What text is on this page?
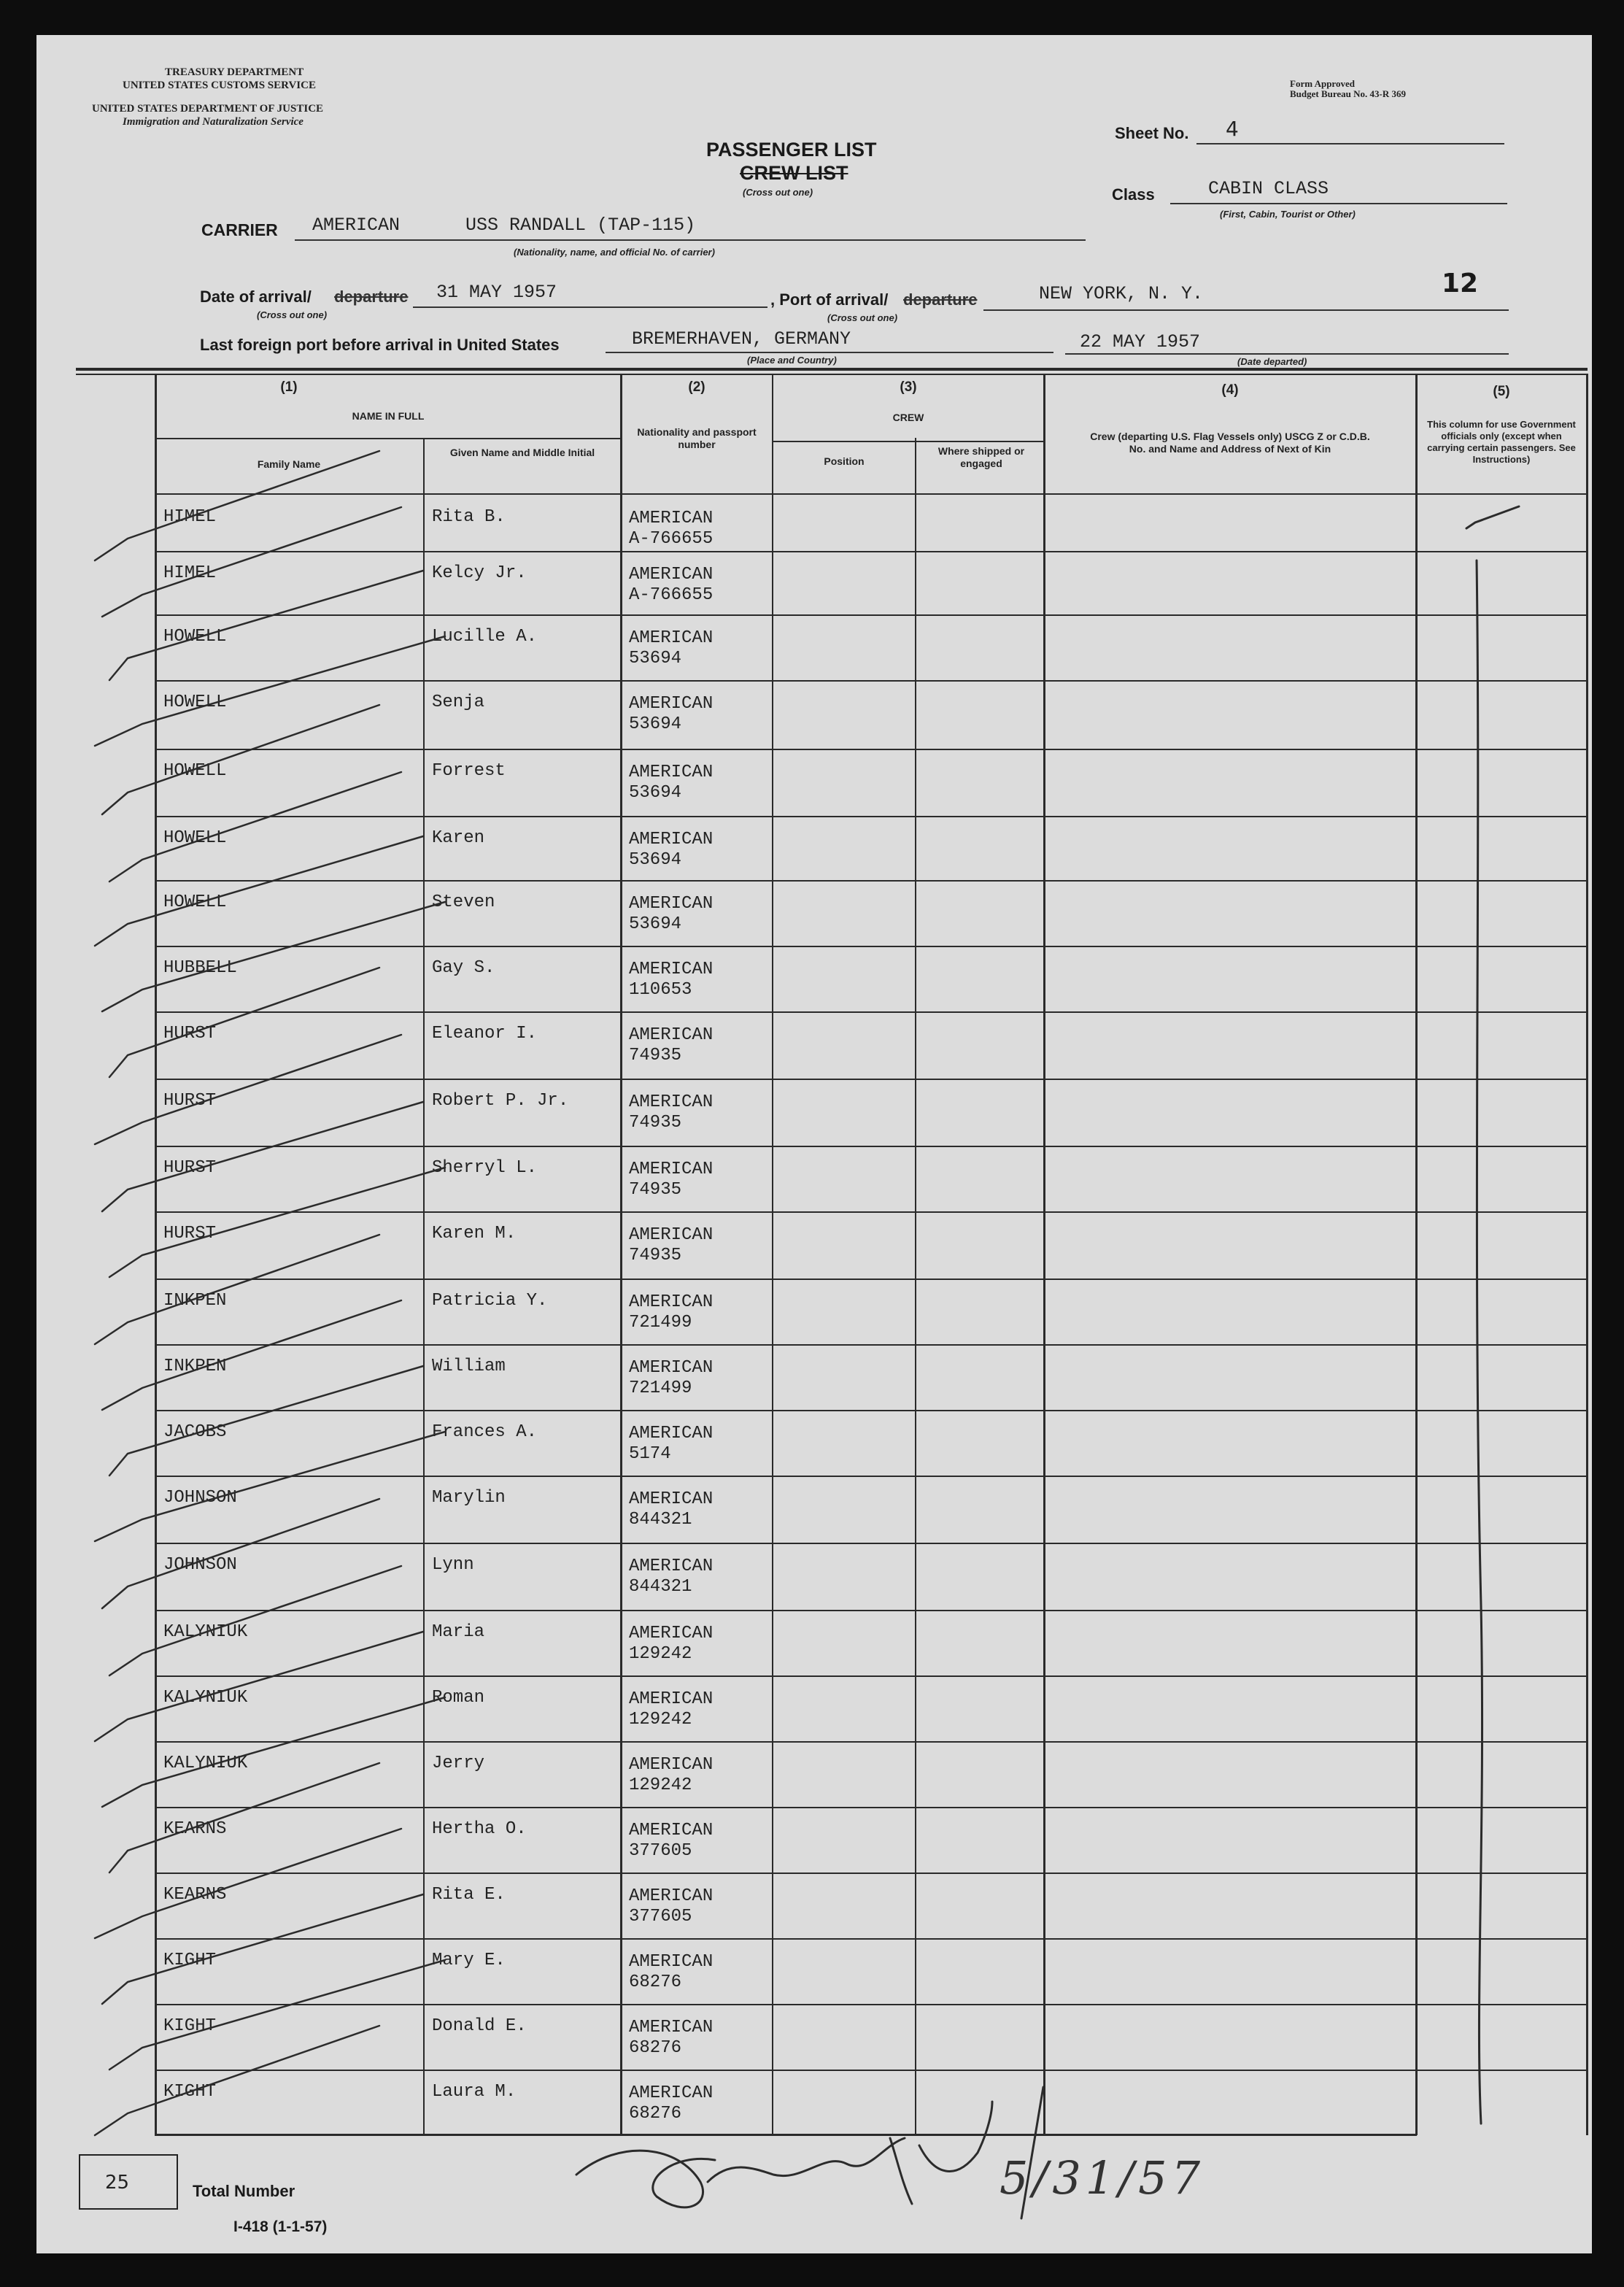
TREASURY DEPARTMENT
UNITED STATES CUSTOMS SERVICE
UNITED STATES DEPARTMENT OF JUSTICE
Immigration and Naturalization Service
Form Approved
Budget Bureau No. 43-R 369
PASSENGER LIST
CREW LIST
(Cross out one)
Sheet No. 4
Class	CABIN CLASS
(First, Cabin, Tourist or Other)
CARRIER AMERICAN      USS RANDALL (TAP-115)
(Nationality, name, and official No. of carrier)
Date of arrival/ departure 31 MAY 1957
(Cross out one)
, Port of arrival/ departure	NEW YORK, N. Y.
(Cross out one)
12
Last foreign port before arrival in United States	BREMERHAVEN, GERMANY
(Place and Country)
22 MAY 1957
(Date departed)
(1)
NAME IN FULL
Family Name
Given Name and Middle Initial
(2)
Nationality and passport number
(3)
CREW
Position
Where shipped or engaged
(4)
Crew (departing U.S. Flag Vessels only) USCG Z or C.D.B. No. and Name and Address of Next of Kin
(5)
This column for use Government officials only (except when carrying certain passengers. See Instructions)
HIMEL	Rita B.	AMERICAN
A-766655
HIMEL	Kelcy Jr.	AMERICAN
A-766655
HOWELL	Lucille A.	AMERICAN
53694
HOWELL	Senja	AMERICAN
53694
HOWELL	Forrest	AMERICAN
53694
HOWELL	Karen	AMERICAN
53694
HOWELL	Steven	AMERICAN
53694
HUBBELL	Gay S.	AMERICAN
110653
HURST	Eleanor I.	AMERICAN
74935
HURST	Robert P. Jr.	AMERICAN
74935
HURST	Sherryl L.	AMERICAN
74935
HURST	Karen M.	AMERICAN
74935
INKPEN	Patricia Y.	AMERICAN
721499
INKPEN	William	AMERICAN
721499
JACOBS	Frances A.	AMERICAN
5174
JOHNSON	Marylin	AMERICAN
844321
JOHNSON	Lynn	AMERICAN
844321
KALYNIUK	Maria	AMERICAN
129242
KALYNIUK	Roman	AMERICAN
129242
KALYNIUK	Jerry	AMERICAN
129242
KEARNS	Hertha O.	AMERICAN
377605
KEARNS	Rita E.	AMERICAN
377605
KIGHT	Mary E.	AMERICAN
68276
KIGHT	Donald E.	AMERICAN
68276
KIGHT	Laura M.	AMERICAN
68276
25	Total Number
I-418 (1-1-57)
5/31/57
